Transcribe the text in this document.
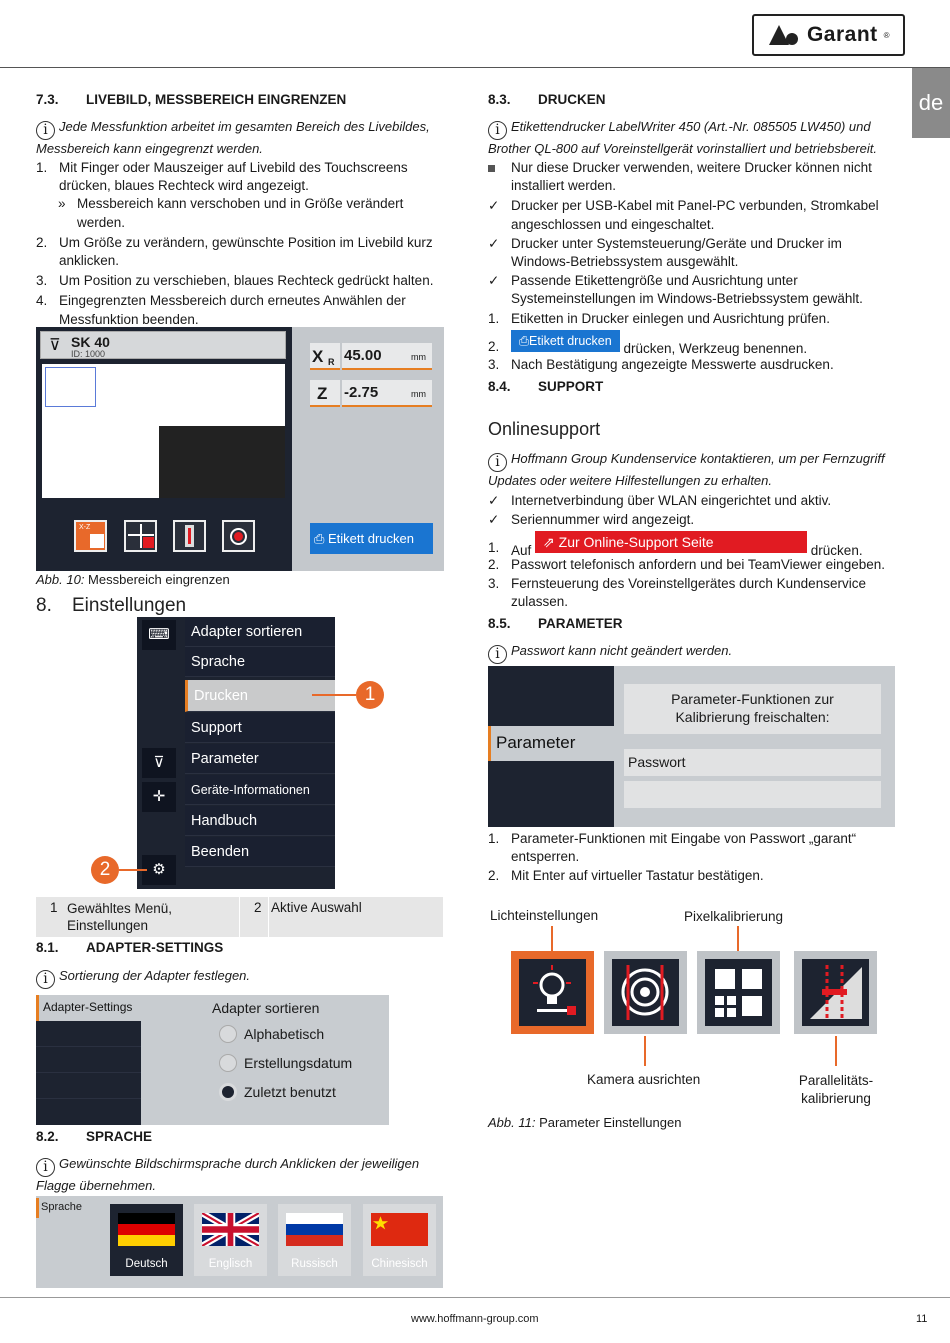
Garant ®
de
7.3. LIVEBILD, MESSBEREICH EINGRENZEN
i Jede Messfunktion arbeitet im gesamten Bereich des Livebildes, Messbereich kann eingegrenzt werden.
1. Mit Finger oder Mauszeiger auf Livebild des Touchscreens drücken, blaues Rechteck wird angezeigt.
» Messbereich kann verschoben und in Größe verändert werden.
2. Um Größe zu verändern, gewünschte Position im Livebild kurz anklicken.
3. Um Position zu verschieben, blaues Rechteck gedrückt halten.
4. Eingegrenzten Messbereich durch erneutes Anwählen der Messfunktion beenden.
⊽ SK 40
ID: 1000	X R 45.00	mm
Z -2.75	mm
⎙ Etikett drucken
X-Z
Abb. 10: Messbereich eingrenzen
8. Einstellungen
⌨
⊽
✛
⚙
Adapter sortieren
Sprache
Drucken
Support
Parameter
Geräte-Informationen
Handbuch
Beenden
1
2
1 Gewähltes Menü, Einstellungen
2 Aktive Auswahl
8.1. ADAPTER-SETTINGS
i Sortierung der Adapter festlegen.
Adapter-Settings	Adapter sortieren
Alphabetisch
Erstellungsdatum
Zuletzt benutzt
8.2. SPRACHE
i Gewünschte Bildschirmsprache durch Anklicken der jeweiligen Flagge übernehmen.
Sprache
Deutsch	Englisch	Russisch	Chinesisch
8.3. DRUCKEN
i Etikettendrucker LabelWriter 450 (Art.-Nr. 085505 LW450) und Brother QL-800 auf Voreinstellgerät vorinstalliert und betriebsbereit.
Nur diese Drucker verwenden, weitere Drucker können nicht installiert werden.
✓ Drucker per USB-Kabel mit Panel-PC verbunden, Stromkabel angeschlossen und eingeschaltet.
✓ Drucker unter Systemsteuerung/Geräte und Drucker im Windows-Betriebssystem ausgewählt.
✓ Passende Etikettengröße und Ausrichtung unter Systemeinstellungen im Windows-Betriebssystem gewählt.
1. Etiketten in Drucker einlegen und Ausrichtung prüfen.
2. ⎙Etikett drucken drücken, Werkzeug benennen.
3. Nach Bestätigung angezeigte Messwerte ausdrucken.
8.4. SUPPORT
Onlinesupport
i Hoffmann Group Kundenservice kontaktieren, um per Fernzugriff Updates oder weitere Hilfestellungen zu erhalten.
✓ Internetverbindung über WLAN eingerichtet und aktiv.
✓ Seriennummer wird angezeigt.
1. Auf ⇗ Zur Online-Support Seite drücken.
2. Passwort telefonisch anfordern und bei TeamViewer eingeben.
3. Fernsteuerung des Voreinstellgerätes durch Kundenservice zulassen.
8.5. PARAMETER
i Passwort kann nicht geändert werden.
Parameter
Parameter-Funktionen zur Kalibrierung freischalten:
Passwort
1. Parameter-Funktionen mit Eingabe von Passwort „garant“ entsperren.
2. Mit Enter auf virtueller Tastatur bestätigen.
Lichteinstellungen	Pixelkalibrierung
Kamera ausrichten	Parallelitäts- kalibrierung
Abb. 11: Parameter Einstellungen
www.hoffmann-group.com	11
